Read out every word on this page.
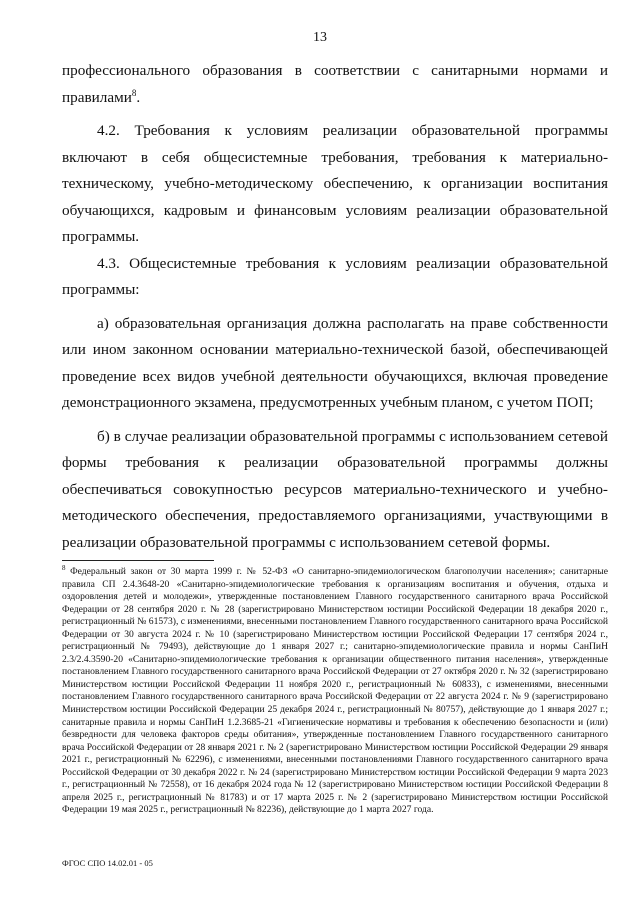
13

профессионального образования в соответствии с санитарными нормами и правилами$^8$.

4.2. Требования к условиям реализации образовательной программы включают в себя общесистемные требования, требования к материально-техническому, учебно-методическому обеспечению, к организации воспитания обучающихся, кадровым и финансовым условиям реализации образовательной программы.

4.3. Общесистемные требования к условиям реализации образовательной программы:

а) образовательная организация должна располагать на праве собственности или ином законном основании материально-технической базой, обеспечивающей проведение всех видов учебной деятельности обучающихся, включая проведение демонстрационного экзамена, предусмотренных учебным планом, с учетом ПОП;

б) в случае реализации образовательной программы с использованием сетевой формы требования к реализации образовательной программы должны обеспечиваться совокупностью ресурсов материально-технического и учебно-методического обеспечения, предоставляемого организациями, участвующими в реализации образовательной программы с использованием сетевой формы.

$^8$ Федеральный закон от 30 марта 1999 г. № 52-ФЗ «О санитарно-эпидемиологическом благополучии населения»; санитарные правила СП 2.4.3648-20 «Санитарно-эпидемиологические требования к организациям воспитания и обучения, отдыха и оздоровления детей и молодежи», утвержденные постановлением Главного государственного санитарного врача Российской Федерации от 28 сентября 2020 г. № 28 (зарегистрировано Министерством юстиции Российской Федерации 18 декабря 2020 г., регистрационный № 61573), с изменениями, внесенными постановлением Главного государственного санитарного врача Российской Федерации от 30 августа 2024 г. № 10 (зарегистрировано Министерством юстиции Российской Федерации 17 сентября 2024 г., регистрационный № 79493), действующие до 1 января 2027 г.; санитарно-эпидемиологические правила и нормы СанПиН 2.3/2.4.3590-20 «Санитарно-эпидемиологические требования к организации общественного питания населения», утвержденные постановлением Главного государственного санитарного врача Российской Федерации от 27 октября 2020 г. № 32 (зарегистрировано Министерством юстиции Российской Федерации 11 ноября 2020 г., регистрационный № 60833), с изменениями, внесенными постановлением Главного государственного санитарного врача Российской Федерации от 22 августа 2024 г. № 9 (зарегистрировано Министерством юстиции Российской Федерации 25 декабря 2024 г., регистрационный № 80757), действующие до 1 января 2027 г.; санитарные правила и нормы СанПиН 1.2.3685-21 «Гигиенические нормативы и требования к обеспечению безопасности и (или) безвредности для человека факторов среды обитания», утвержденные постановлением Главного государственного санитарного врача Российской Федерации от 28 января 2021 г. № 2 (зарегистрировано Министерством юстиции Российской Федерации 29 января 2021 г., регистрационный № 62296), с изменениями, внесенными постановлениями Главного государственного санитарного врача Российской Федерации от 30 декабря 2022 г. № 24 (зарегистрировано Министерством юстиции Российской Федерации 9 марта 2023 г., регистрационный № 72558), от 16 декабря 2024 года № 12 (зарегистрировано Министерством юстиции Российской Федерации 8 апреля 2025 г., регистрационный № 81783) и от 17 марта 2025 г. № 2 (зарегистрировано Министерством юстиции Российской Федерации 19 мая 2025 г., регистрационный № 82236), действующие до 1 марта 2027 года.
ФГОС СПО 14.02.01 - 05
